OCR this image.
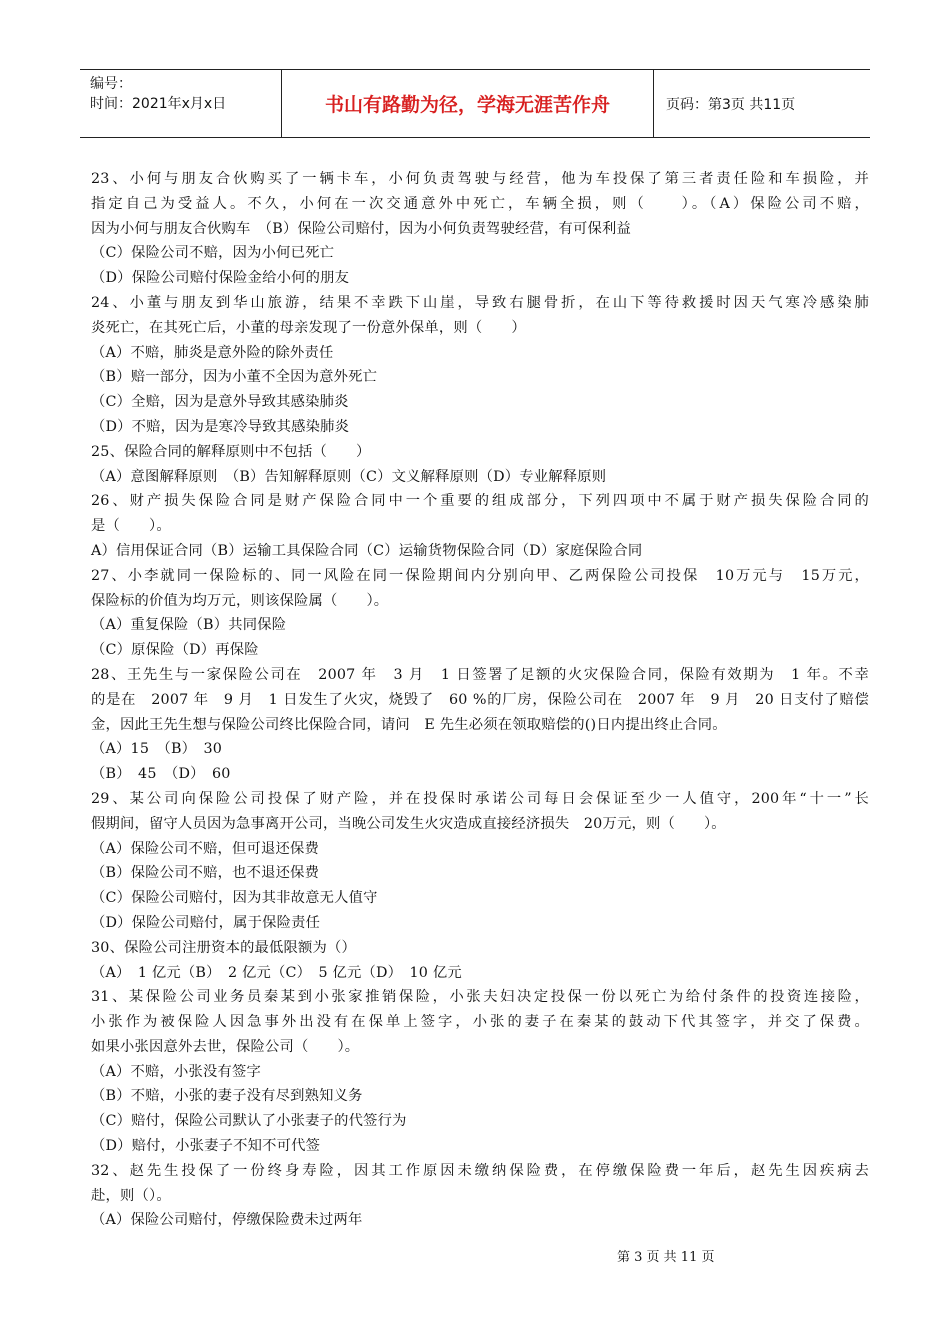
编号：
时间：2021年x月x日	书山有路勤为径，学海无涯苦作舟	页码：第3页 共11页
23、小何与朋友合伙购买了一辆卡车，小何负责驾驶与经营，他为车投保了第三者责任险和车损险，并
指定自己为受益人。不久，小何在一次交通意外中死亡，车辆全损，则（　　）。（A）保险公司不赔，
因为小何与朋友合伙购车　（B）保险公司赔付，因为小何负责驾驶经营，有可保利益
（C）保险公司不赔，因为小何已死亡
（D）保险公司赔付保险金给小何的朋友
24、小董与朋友到华山旅游，结果不幸跌下山崖，导致右腿骨折，在山下等待救援时因天气寒冷感染肺
炎死亡，在其死亡后，小董的母亲发现了一份意外保单，则（　　）
（A）不赔，肺炎是意外险的除外责任
（B）赔一部分，因为小董不全因为意外死亡
（C）全赔，因为是意外导致其感染肺炎
（D）不赔，因为是寒冷导致其感染肺炎
25、保险合同的解释原则中不包括（　　）
（A）意图解释原则　（B）告知解释原则（C）文义解释原则（D）专业解释原则
26、财产损失保险合同是财产保险合同中一个重要的组成部分，下列四项中不属于财产损失保险合同的
是（　　）。
A）信用保证合同（B）运输工具保险合同（C）运输货物保险合同（D）家庭保险合同
27、小李就同一保险标的、同一风险在同一保险期间内分别向甲、乙两保险公司投保　10万元与　15万元，
保险标的价值为均万元，则该保险属（　　）。
（A）重复保险（B）共同保险
（C）原保险（D）再保险
28、王先生与一家保险公司在　2007 年　3 月　1 日签署了足额的火灾保险合同，保险有效期为　1 年。不幸
的是在　2007 年　9 月　1 日发生了火灾，烧毁了　60 %的厂房，保险公司在　2007 年　9 月　20 日支付了赔偿
金，因此王先生想与保险公司终比保险合同，请问　E 先生必须在领取赔偿的()日内提出终止合同。
（A）15　（B）　30
（B）　45　（D）　60
29、某公司向保险公司投保了财产险，并在投保时承诺公司每日会保证至少一人值守，200年“十一”长
假期间，留守人员因为急事离开公司，当晚公司发生火灾造成直接经济损失　20万元，则（　　）。
（A）保险公司不赔，但可退还保费
（B）保险公司不赔，也不退还保费
（C）保险公司赔付，因为其非故意无人值守
（D）保险公司赔付，属于保险责任
30、保险公司注册资本的最低限额为（）
（A）　1 亿元（B）　2 亿元（C）　5 亿元（D）　10 亿元
31、某保险公司业务员秦某到小张家推销保险，小张夫妇决定投保一份以死亡为给付条件的投资连接险，
小张作为被保险人因急事外出没有在保单上签字，小张的妻子在秦某的鼓动下代其签字，并交了保费。
如果小张因意外去世，保险公司（　　）。
（A）不赔，小张没有签字
（B）不赔，小张的妻子没有尽到熟知义务
（C）赔付，保险公司默认了小张妻子的代签行为
（D）赔付，小张妻子不知不可代签
32、赵先生投保了一份终身寿险，因其工作原因未缴纳保险费，在停缴保险费一年后，赵先生因疾病去
赴，则（）。
（A）保险公司赔付，停缴保险费未过两年
第 3 页 共 11 页
